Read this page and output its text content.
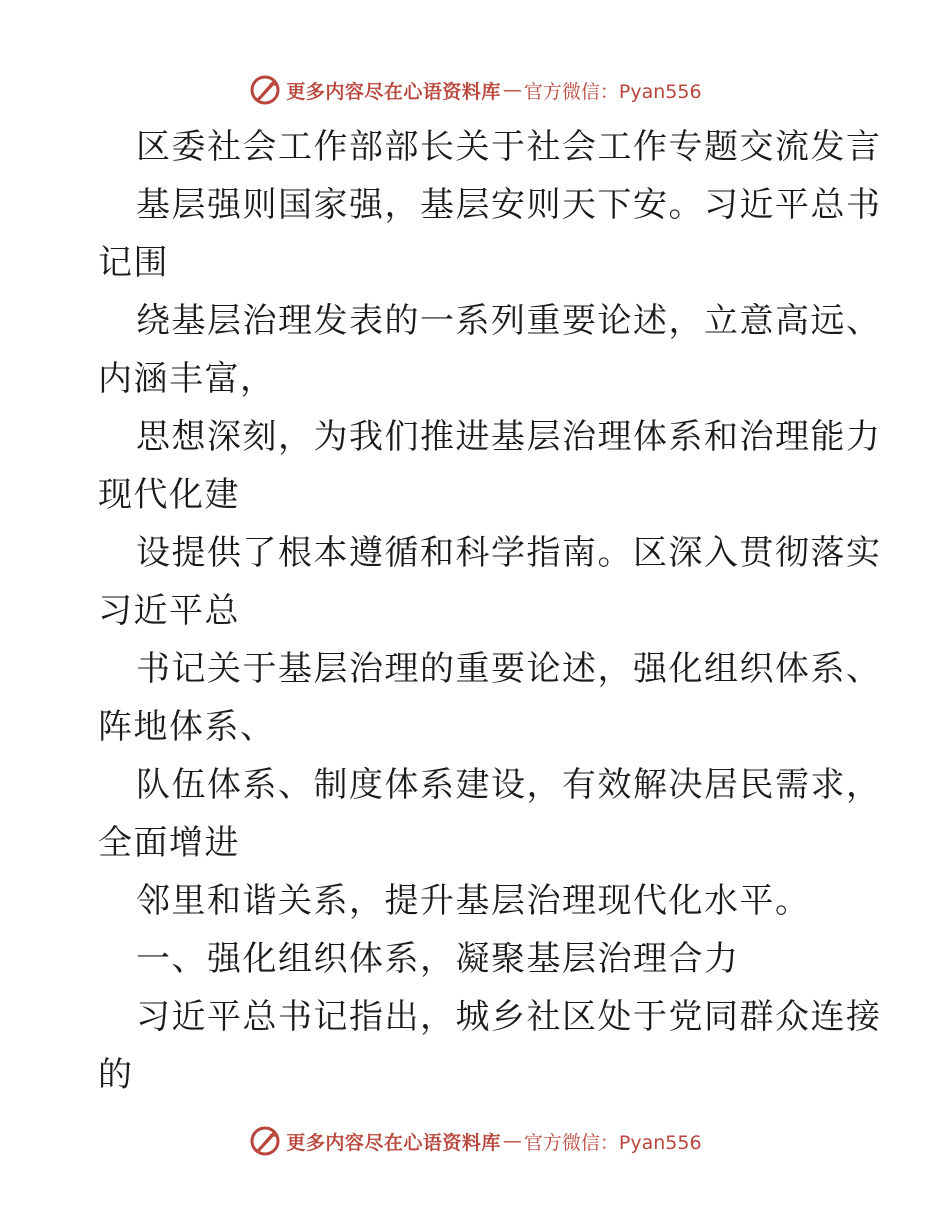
更多内容尽在心语资料库 — 官方微信：Pyan556
区委社会工作部部长关于社会工作专题交流发言
基层强则国家强，基层安则天下安。习近平总书
记围
绕基层治理发表的一系列重要论述，立意高远、
内涵丰富，
思想深刻，为我们推进基层治理体系和治理能力
现代化建
设提供了根本遵循和科学指南。区深入贯彻落实
习近平总
书记关于基层治理的重要论述，强化组织体系、
阵地体系、
队伍体系、制度体系建设，有效解决居民需求，
全面增进
邻里和谐关系，提升基层治理现代化水平。
一、强化组织体系，凝聚基层治理合力
习近平总书记指出，城乡社区处于党同群众连接
的
更多内容尽在心语资料库 — 官方微信：Pyan556
